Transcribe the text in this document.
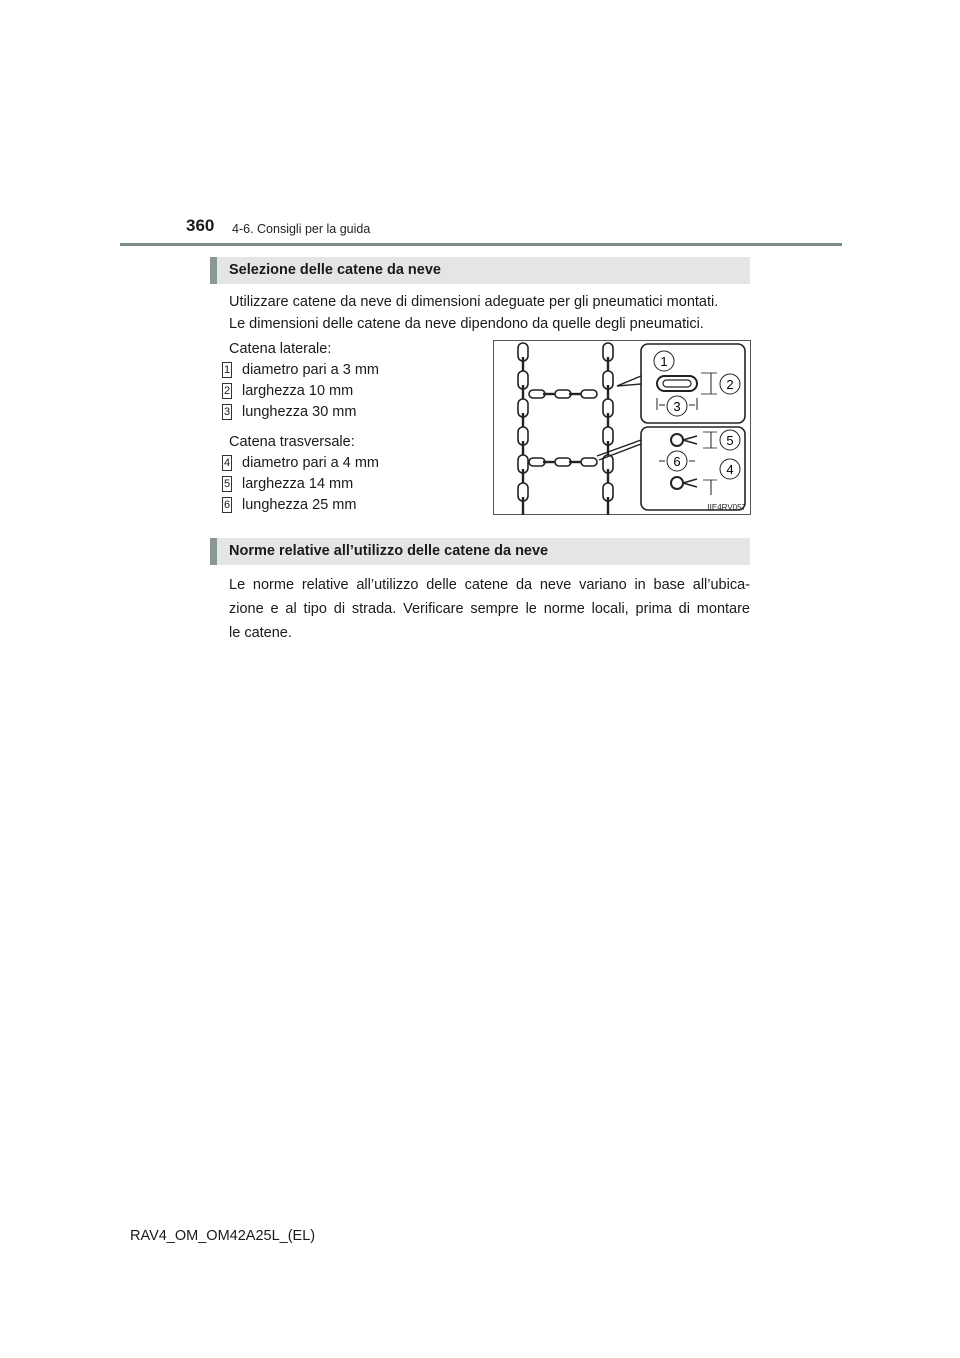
360 4-6. Consigli per la guida
Selezione delle catene da neve
Utilizzare catene da neve di dimensioni adeguate per gli pneumatici montati.
Le dimensioni delle catene da neve dipendono da quelle degli pneumatici.
Catena laterale:
1 diametro pari a 3 mm
2 larghezza 10 mm
3 lunghezza 30 mm
Catena trasversale:
4 diametro pari a 4 mm
5 larghezza 14 mm
6 lunghezza 25 mm
1
2
3
5
6
4
IIE4RV057
Norme relative all’utilizzo delle catene da neve
Le norme relative all’utilizzo delle catene da neve variano in base all’ubica-
zione e al tipo di strada. Verificare sempre le norme locali, prima di montare
le catene.
RAV4_OM_OM42A25L_(EL)
